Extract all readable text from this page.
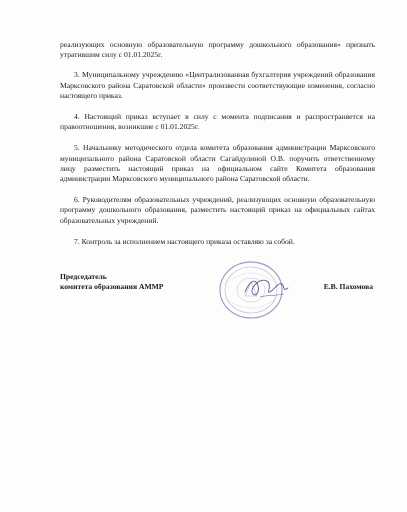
реализующих основную образовательную программу дошкольного образования» признать утратившим силу с 01.01.2025г.

3. Муниципальному учреждению «Централизованная бухгалтерия учреждений образования Марксовского района Саратовской области» произвести соответствующие изменения, согласно настоящего приказ.

4. Настоящий приказ вступает в силу с момента подписания и распространяется на правоотношения, возникшие с 01.01.2025г.

5. Начальнику методического отдела комитета образования администрации Марксовского муниципального района Саратовской области Сагайдулиной О.В. поручить ответственному лицу разместить настоящий приказ на официальном сайте Комитета образования администрации Марксовского муниципального района Саратовской области.

6. Руководителям образовательных учреждений, реализующих основную образовательную программу дошкольного образования, разместить настоящий приказ на официальных сайтах образовательных учреждений.

7. Контроль за исполнением настоящего приказа оставляю за собой.

Председатель
комитета образования АММР	Е.В. Пахомова
